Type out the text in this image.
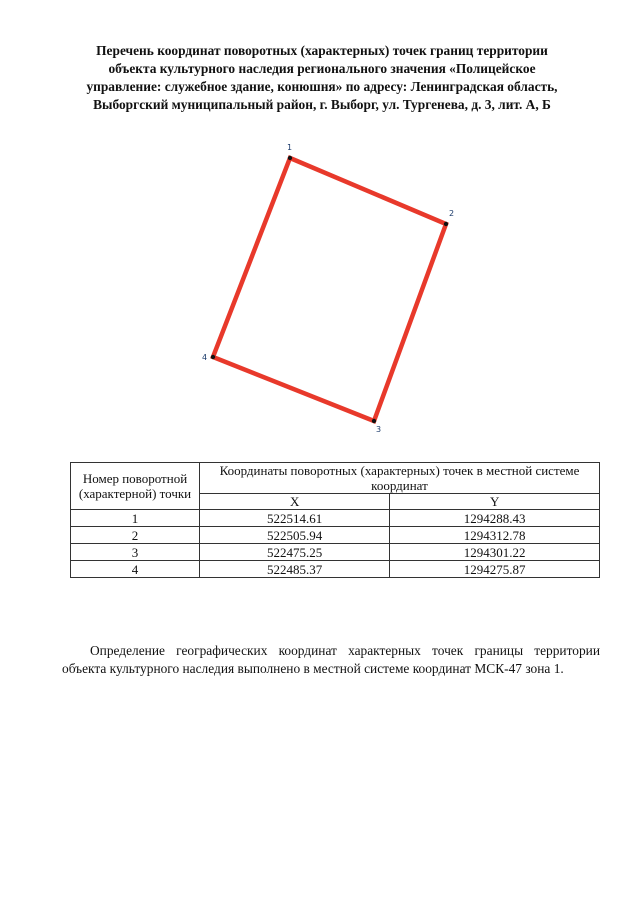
Перечень координат поворотных (характерных) точек границ территории
объекта культурного наследия регионального значения «Полицейское
управление: служебное здание, конюшня» по адресу: Ленинградская область,
Выборгский муниципальный район, г. Выборг, ул. Тургенева, д. 3, лит. А, Б
1
2
3
4
Номер поворотной (характерной) точки	Координаты поворотных (характерных) точек в местной системе координат	
	X	Y
1	522514.61	1294288.43
2	522505.94	1294312.78
3	522475.25	1294301.22
4	522485.37	1294275.87

Определение географических координат характерных точек границы территории объекта культурного наследия выполнено в местной системе координат МСК-47 зона 1.
